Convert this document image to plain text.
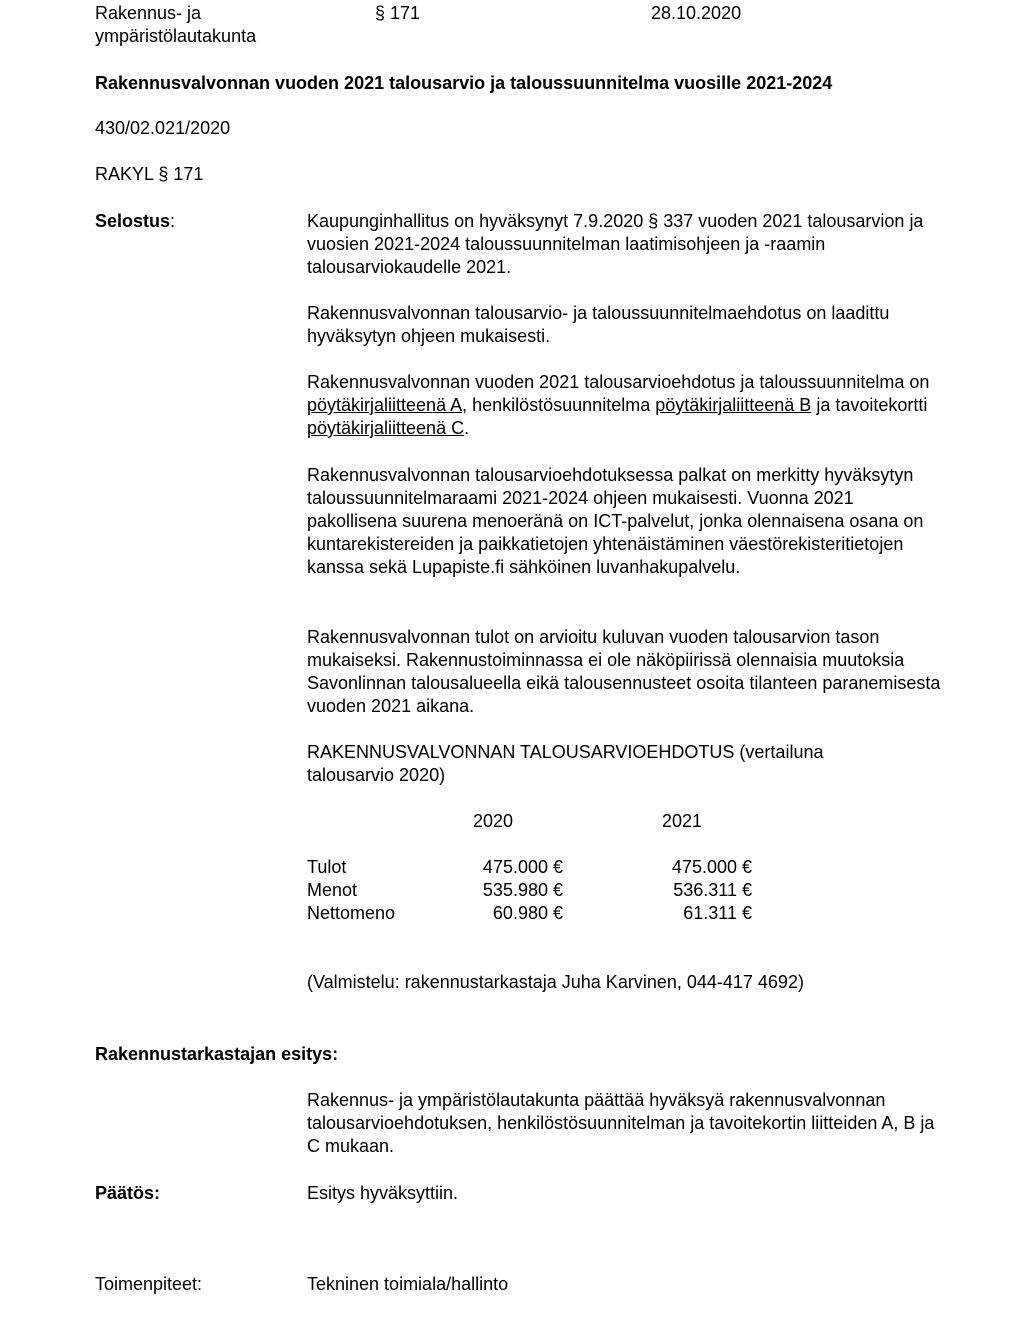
Rakennus- ja
ympäristölautakunta
§ 171	28.10.2020
Rakennusvalvonnan vuoden 2021 talousarvio ja taloussuunnitelma vuosille 2021-2024
430/02.021/2020
RAKYL § 171
Selostus:	Kaupunginhallitus on hyväksynyt 7.9.2020 § 337 vuoden 2021 talousarvion ja vuosien 2021-2024 taloussuunnitelman laatimisohjeen ja -raamin talousarviokaudelle 2021.

Rakennusvalvonnan talousarvio- ja taloussuunnitelmaehdotus on laadittu hyväksytyn ohjeen mukaisesti.

Rakennusvalvonnan vuoden 2021 talousarvioehdotus ja taloussuunnitelma on pöytäkirjaliitteenä A, henkilöstösuunnitelma pöytäkirjaliitteenä B ja tavoitekortti pöytäkirjaliitteenä C.

Rakennusvalvonnan talousarvioehdotuksessa palkat on merkitty hyväksytyn taloussuunnitelmaraami 2021-2024 ohjeen mukaisesti. Vuonna 2021 pakollisena suurena menoeränä on ICT-palvelut, jonka olennaisena osana on kuntarekistereiden ja paikkatietojen yhtenäistäminen väestörekisteritietojen kanssa sekä Lupapiste.fi sähköinen luvanhakupalvelu.

Rakennusvalvonnan tulot on arvioitu kuluvan vuoden talousarvion tason mukaiseksi. Rakennustoiminnassa ei ole näköpiirissä olennaisia muutoksia Savonlinnan talousalueella eikä talousennusteet osoita tilanteen paranemisesta vuoden 2021 aikana.

RAKENNUSVALVONNAN TALOUSARVIOEHDOTUS (vertailuna talousarvio 2020)

2020	2021
Tulot	475.000 €	475.000 €
Menot	535.980 €	536.311 €
Nettomeno	60.980 €	61.311 €

(Valmistelu: rakennustarkastaja Juha Karvinen, 044-417 4692)

Rakennustarkastajan esitys:

Rakennus- ja ympäristölautakunta päättää hyväksyä rakennusvalvonnan talousarvioehdotuksen, henkilöstösuunnitelman ja tavoitekortin liitteiden A, B ja C mukaan.

Päätös:	Esitys hyväksyttiin.
Toimenpiteet:	Tekninen toimiala/hallinto
